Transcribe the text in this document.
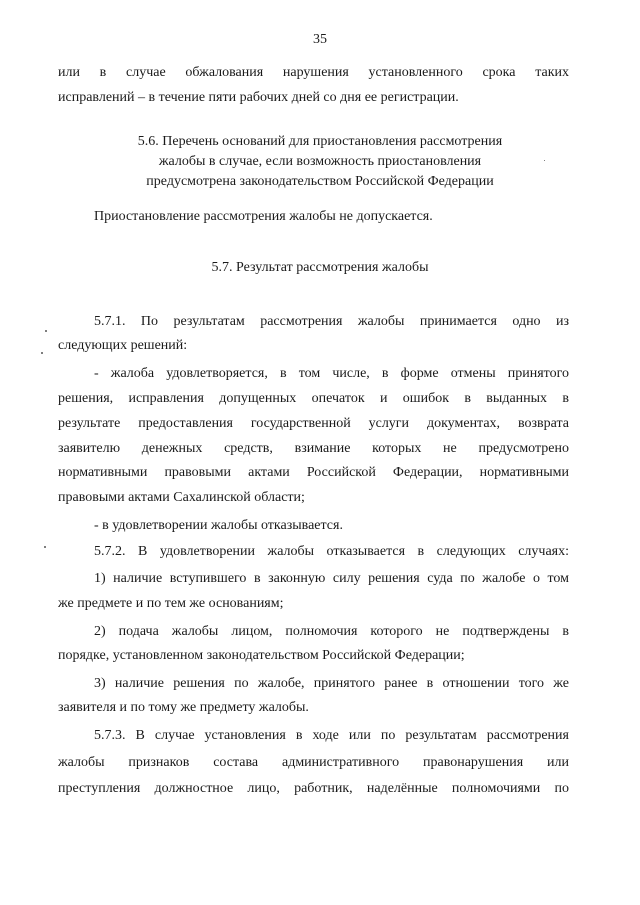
35
или в случае обжалования нарушения установленного срока таких
исправлений – в течение пяти рабочих дней со дня ее регистрации.
5.6. Перечень оснований для приостановления рассмотрения
жалобы в случае, если возможность приостановления
предусмотрена законодательством Российской Федерации
Приостановление рассмотрения жалобы не допускается.
5.7. Результат рассмотрения жалобы
5.7.1. По результатам рассмотрения жалобы принимается одно из
следующих решений:
- жалоба удовлетворяется, в том числе, в форме отмены принятого
решения, исправления допущенных опечаток и ошибок в выданных в
результате предоставления государственной услуги документах, возврата
заявителю денежных средств, взимание которых не предусмотрено
нормативными правовыми актами Российской Федерации, нормативными
правовыми актами Сахалинской области;
- в удовлетворении жалобы отказывается.
5.7.2. В удовлетворении жалобы отказывается в следующих случаях:
1) наличие вступившего в законную силу решения суда по жалобе о том
же предмете и по тем же основаниям;
2) подача жалобы лицом, полномочия которого не подтверждены в
порядке, установленном законодательством Российской Федерации;
3) наличие решения по жалобе, принятого ранее в отношении того же
заявителя и по тому же предмету жалобы.
5.7.3. В случае установления в ходе или по результатам рассмотрения
жалобы признаков состава административного правонарушения или
преступления должностное лицо, работник, наделённые полномочиями по
